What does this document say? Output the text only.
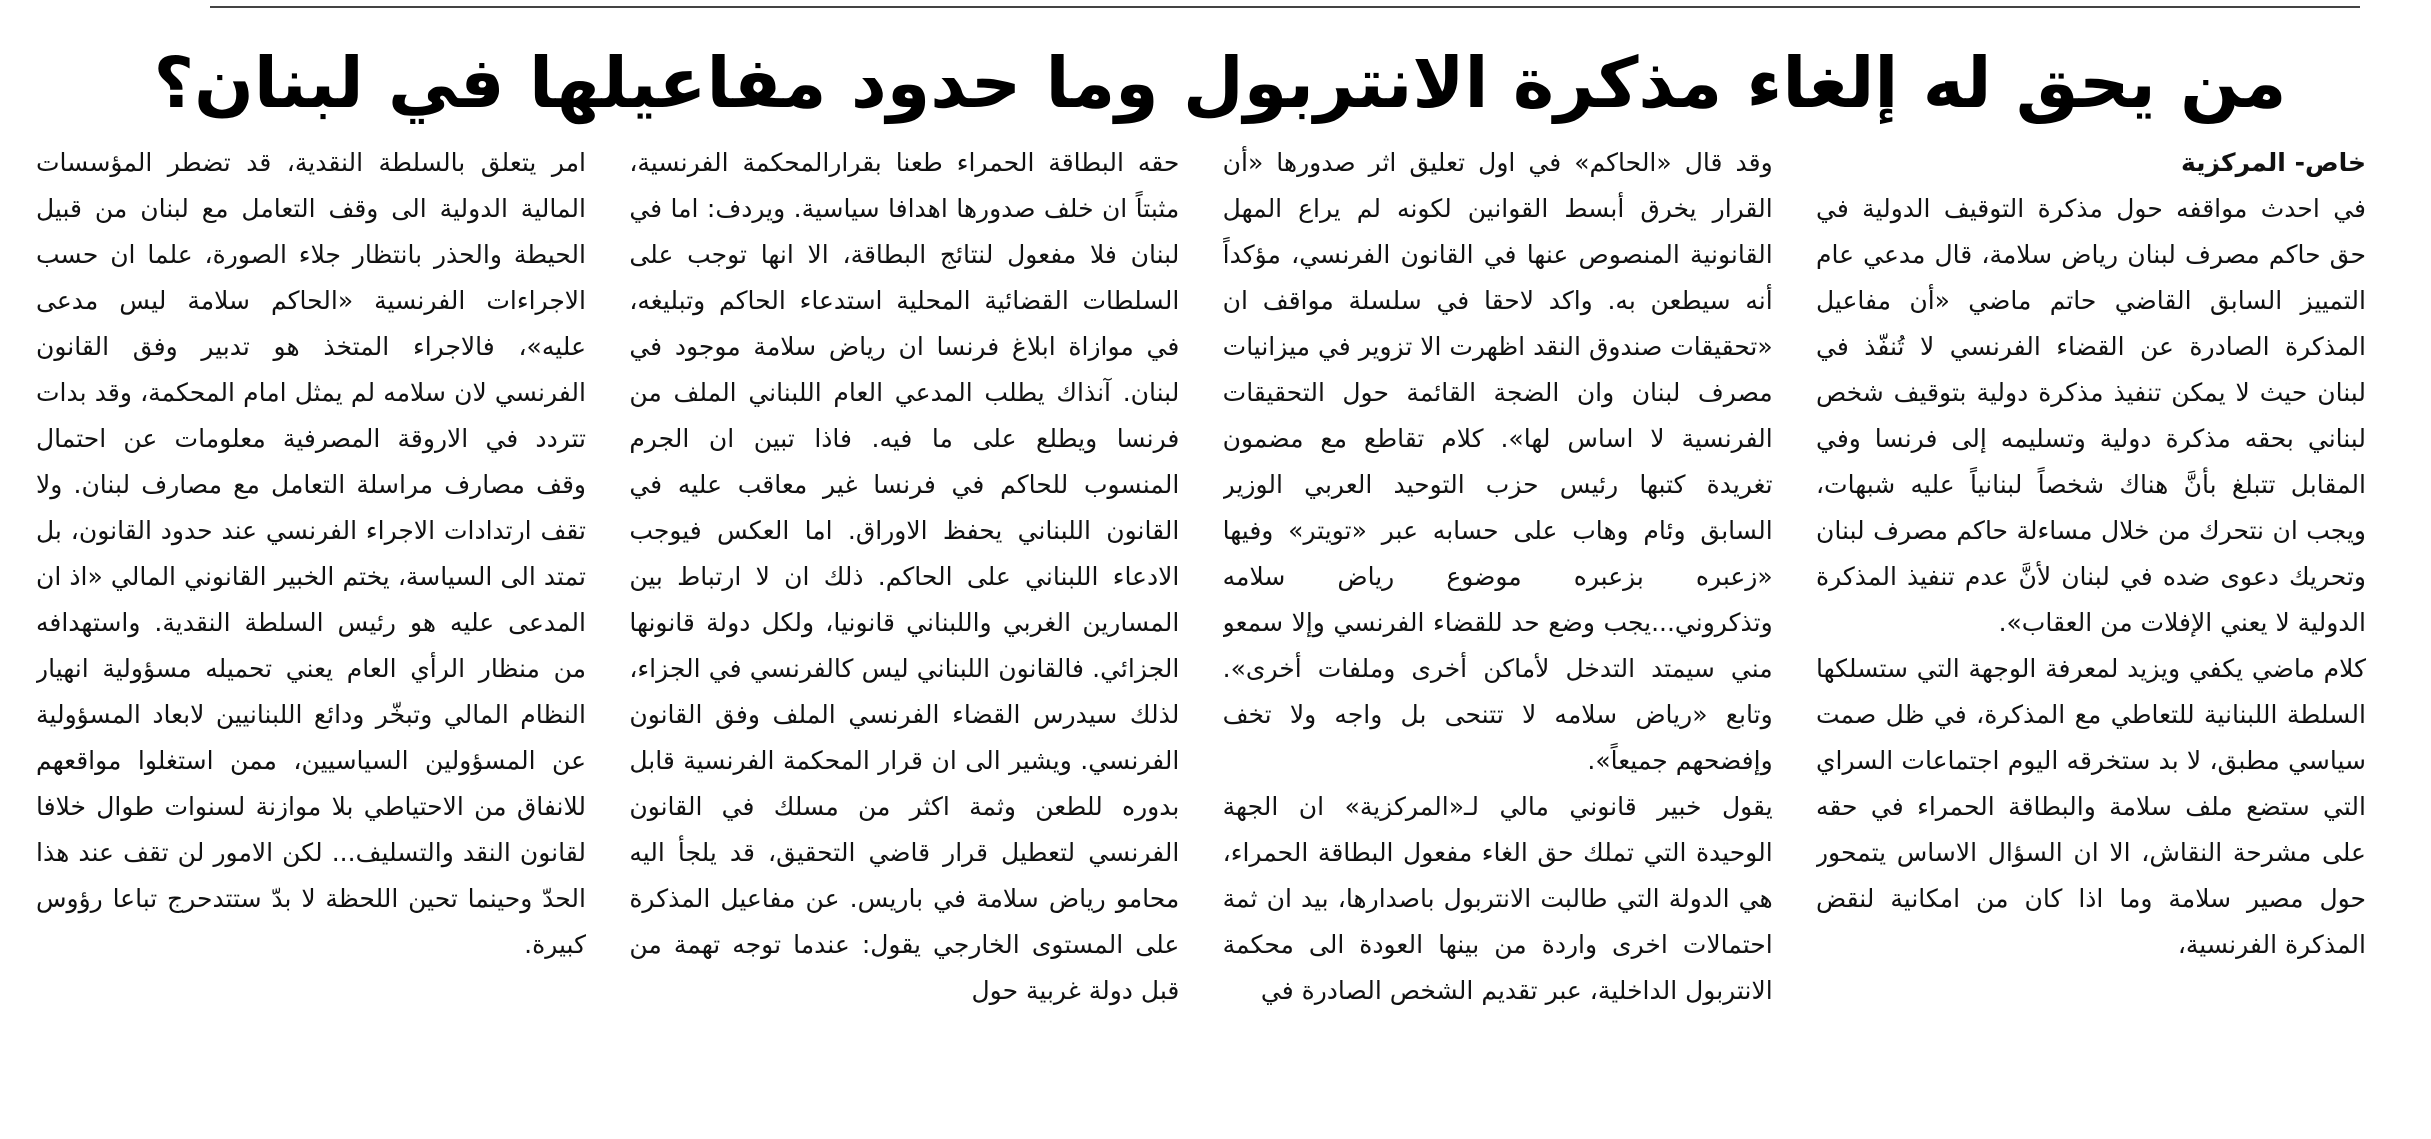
من يحق له إلغاء مذكرة الانتربول وما حدود مفاعيلها في لبنان؟

خاص- المركزية

في احدث مواقفه حول مذكرة التوقيف الدولية في حق حاكم مصرف لبنان رياض سلامة، قال مدعي عام التمييز السابق القاضي حاتم ماضي «أن مفاعيل المذكرة الصادرة عن القضاء الفرنسي لا تُنفّذ في لبنان حيث لا يمكن تنفيذ مذكرة دولية بتوقيف شخص لبناني بحقه مذكرة دولية وتسليمه إلى فرنسا وفي المقابل تتبلغ بأنَّ هناك شخصاً لبنانياً عليه شبهات، ويجب ان نتحرك من خلال مساءلة حاكم مصرف لبنان وتحريك دعوى ضده في لبنان لأنَّ عدم تنفيذ المذكرة الدولية لا يعني الإفلات من العقاب».

كلام ماضي يكفي ويزيد لمعرفة الوجهة التي ستسلكها السلطة اللبنانية للتعاطي مع المذكرة، في ظل صمت سياسي مطبق، لا بد ستخرقه اليوم اجتماعات السراي التي ستضع ملف سلامة والبطاقة الحمراء في حقه على مشرحة النقاش، الا ان السؤال الاساس يتمحور حول مصير سلامة وما اذا كان من امكانية لنقض المذكرة الفرنسية،

وقد قال «الحاكم» في اول تعليق اثر صدورها «أن القرار يخرق أبسط القوانين لكونه لم يراع المهل القانونية المنصوص عنها في القانون الفرنسي، مؤكداً أنه سيطعن به. واكد لاحقا في سلسلة مواقف ان «تحقيقات صندوق النقد اظهرت الا تزوير في ميزانيات مصرف لبنان وان الضجة القائمة حول التحقيقات الفرنسية لا اساس لها». كلام تقاطع مع مضمون تغريدة كتبها رئيس حزب التوحيد العربي الوزير السابق وئام وهاب على حسابه عبر «تويتر» وفيها «زعبره بزعبره موضوع رياض سلامه وتذكروني...يجب وضع حد للقضاء الفرنسي وإلا سمعو مني سيمتد التدخل لأماكن أخرى وملفات أخرى». وتابع «رياض سلامه لا تتنحى بل واجه ولا تخف وإفضحهم جميعاً».

يقول خبير قانوني مالي لـ«المركزية» ان الجهة الوحيدة التي تملك حق الغاء مفعول البطاقة الحمراء، هي الدولة التي طالبت الانتربول باصدارها، بيد ان ثمة احتمالات اخرى واردة من بينها العودة الى محكمة الانتربول الداخلية، عبر تقديم الشخص الصادرة في

حقه البطاقة الحمراء طعنا بقرارالمحكمة الفرنسية، مثبتاً ان خلف صدورها اهدافا سياسية. ويردف: اما في لبنان فلا مفعول لنتائج البطاقة، الا انها توجب على السلطات القضائية المحلية استدعاء الحاكم وتبليغه، في موازاة ابلاغ فرنسا ان رياض سلامة موجود في لبنان. آنذاك يطلب المدعي العام اللبناني الملف من فرنسا ويطلع على ما فيه. فاذا تبين ان الجرم المنسوب للحاكم في فرنسا غير معاقب عليه في القانون اللبناني يحفظ الاوراق. اما العكس فيوجب الادعاء اللبناني على الحاكم. ذلك ان لا ارتباط بين المسارين الغربي واللبناني قانونيا، ولكل دولة قانونها الجزائي. فالقانون اللبناني ليس كالفرنسي في الجزاء، لذلك سيدرس القضاء الفرنسي الملف وفق القانون الفرنسي. ويشير الى ان قرار المحكمة الفرنسية قابل بدوره للطعن وثمة اكثر من مسلك في القانون الفرنسي لتعطيل قرار قاضي التحقيق، قد يلجأ اليه محامو رياض سلامة في باريس. عن مفاعيل المذكرة على المستوى الخارجي يقول: عندما توجه تهمة من قبل دولة غربية حول

امر يتعلق بالسلطة النقدية، قد تضطر المؤسسات المالية الدولية الى وقف التعامل مع لبنان من قبيل الحيطة والحذر بانتظار جلاء الصورة، علما ان حسب الاجراءات الفرنسية «الحاكم سلامة ليس مدعى عليه»، فالاجراء المتخذ هو تدبير وفق القانون الفرنسي لان سلامه لم يمثل امام المحكمة، وقد بدات تتردد في الاروقة المصرفية معلومات عن احتمال وقف مصارف مراسلة التعامل مع مصارف لبنان. ولا تقف ارتدادات الاجراء الفرنسي عند حدود القانون، بل تمتد الى السياسة، يختم الخبير القانوني المالي «اذ ان المدعى عليه هو رئيس السلطة النقدية. واستهدافه من منظار الرأي العام يعني تحميله مسؤولية انهيار النظام المالي وتبخّر ودائع اللبنانيين لابعاد المسؤولية عن المسؤولين السياسيين، ممن استغلوا مواقعهم للانفاق من الاحتياطي بلا موازنة لسنوات طوال خلافا لقانون النقد والتسليف... لكن الامور لن تقف عند هذا الحدّ وحينما تحين اللحظة لا بدّ ستتدحرج تباعا رؤوس كبيرة.
